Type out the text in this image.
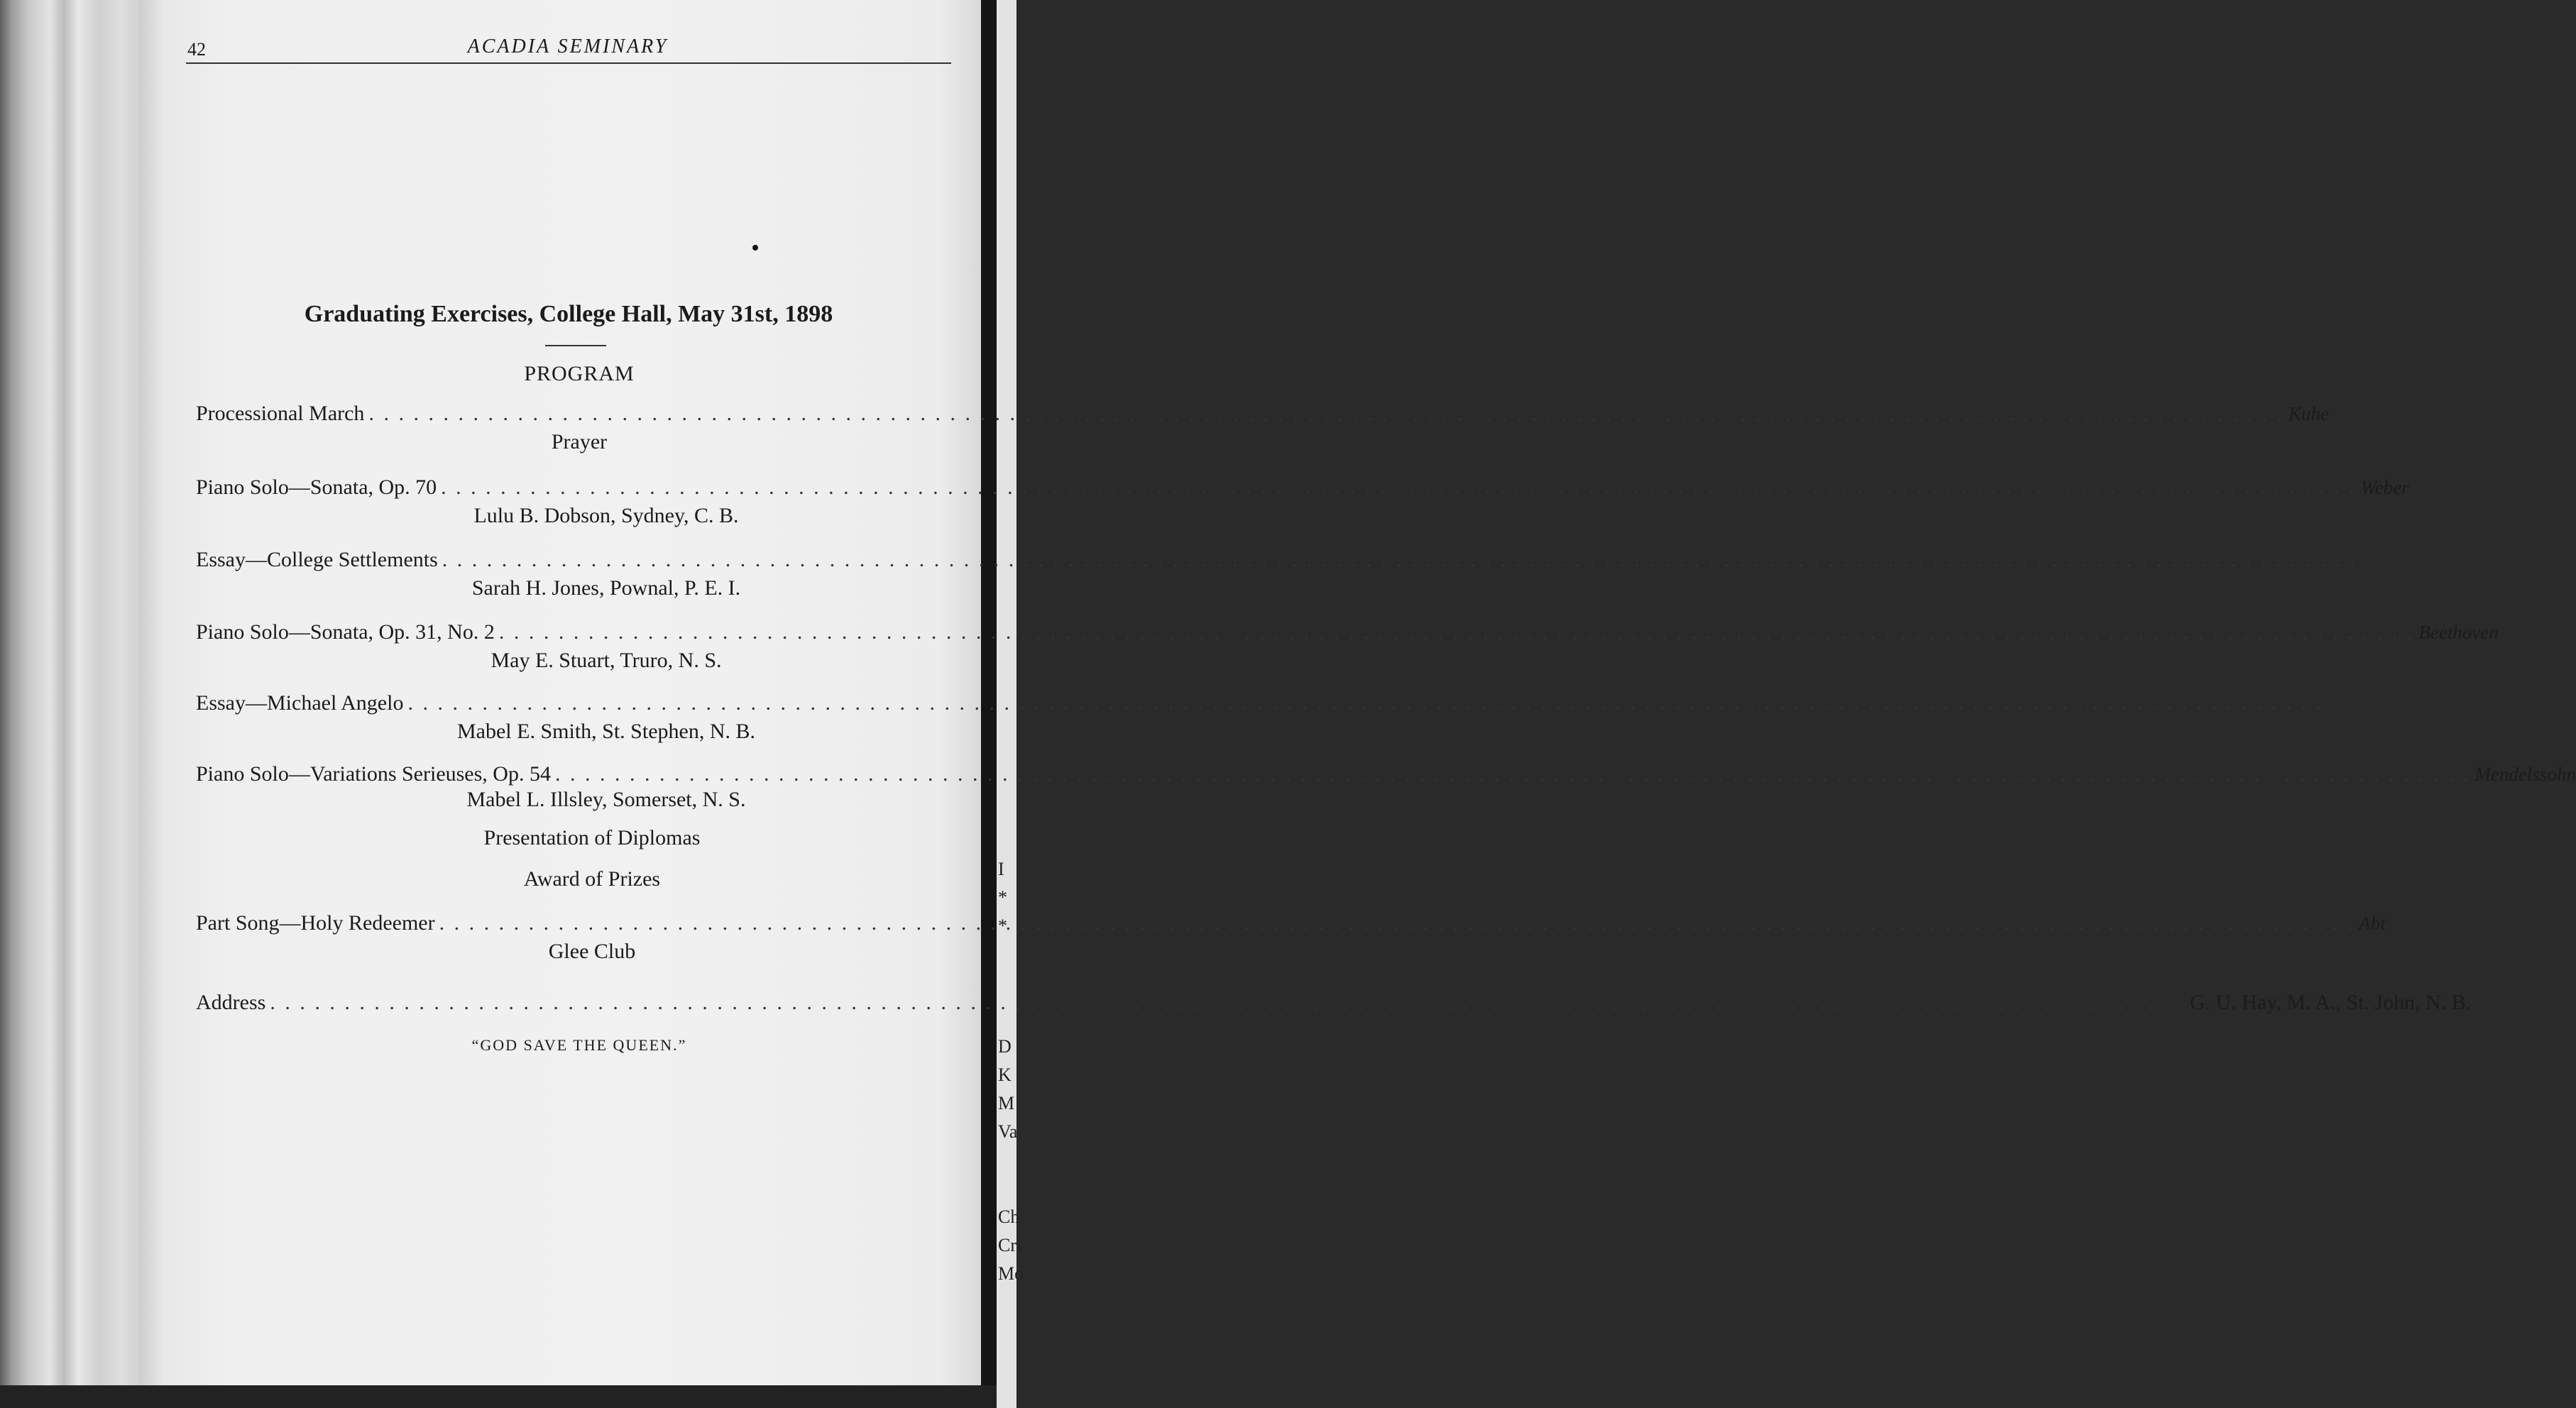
I
*
*
D
K
M
Va
Ch
Cri
Mo
42	ACADIA SEMINARY
Graduating Exercises, College Hall, May 31st, 1898
PROGRAM
Processional March . . .	Kuhe
Prayer
Piano Solo—Sonata, Op. 70 . . .	Weber
Lulu B. Dobson, Sydney, C. B.
Essay—College Settlements
. . .
Sarah H. Jones, Pownal, P. E. I.
Piano Solo—Sonata, Op. 31, No. 2 . . .	Beethoven
May E. Stuart, Truro, N. S.
Essay—Michael Angelo
. . .
Mabel E. Smith, St. Stephen, N. B.
Piano Solo—Variations Serieuses, Op. 54 . . .	Mendelssohn
Mabel L. Illsley, Somerset, N. S.
Presentation of Diplomas
Award of Prizes
Part Song—Holy Redeemer . . .	Abt
Glee Club
Address . . .	G. U. Hay, M. A., St. John, N. B.
“GOD SAVE THE QUEEN.”
